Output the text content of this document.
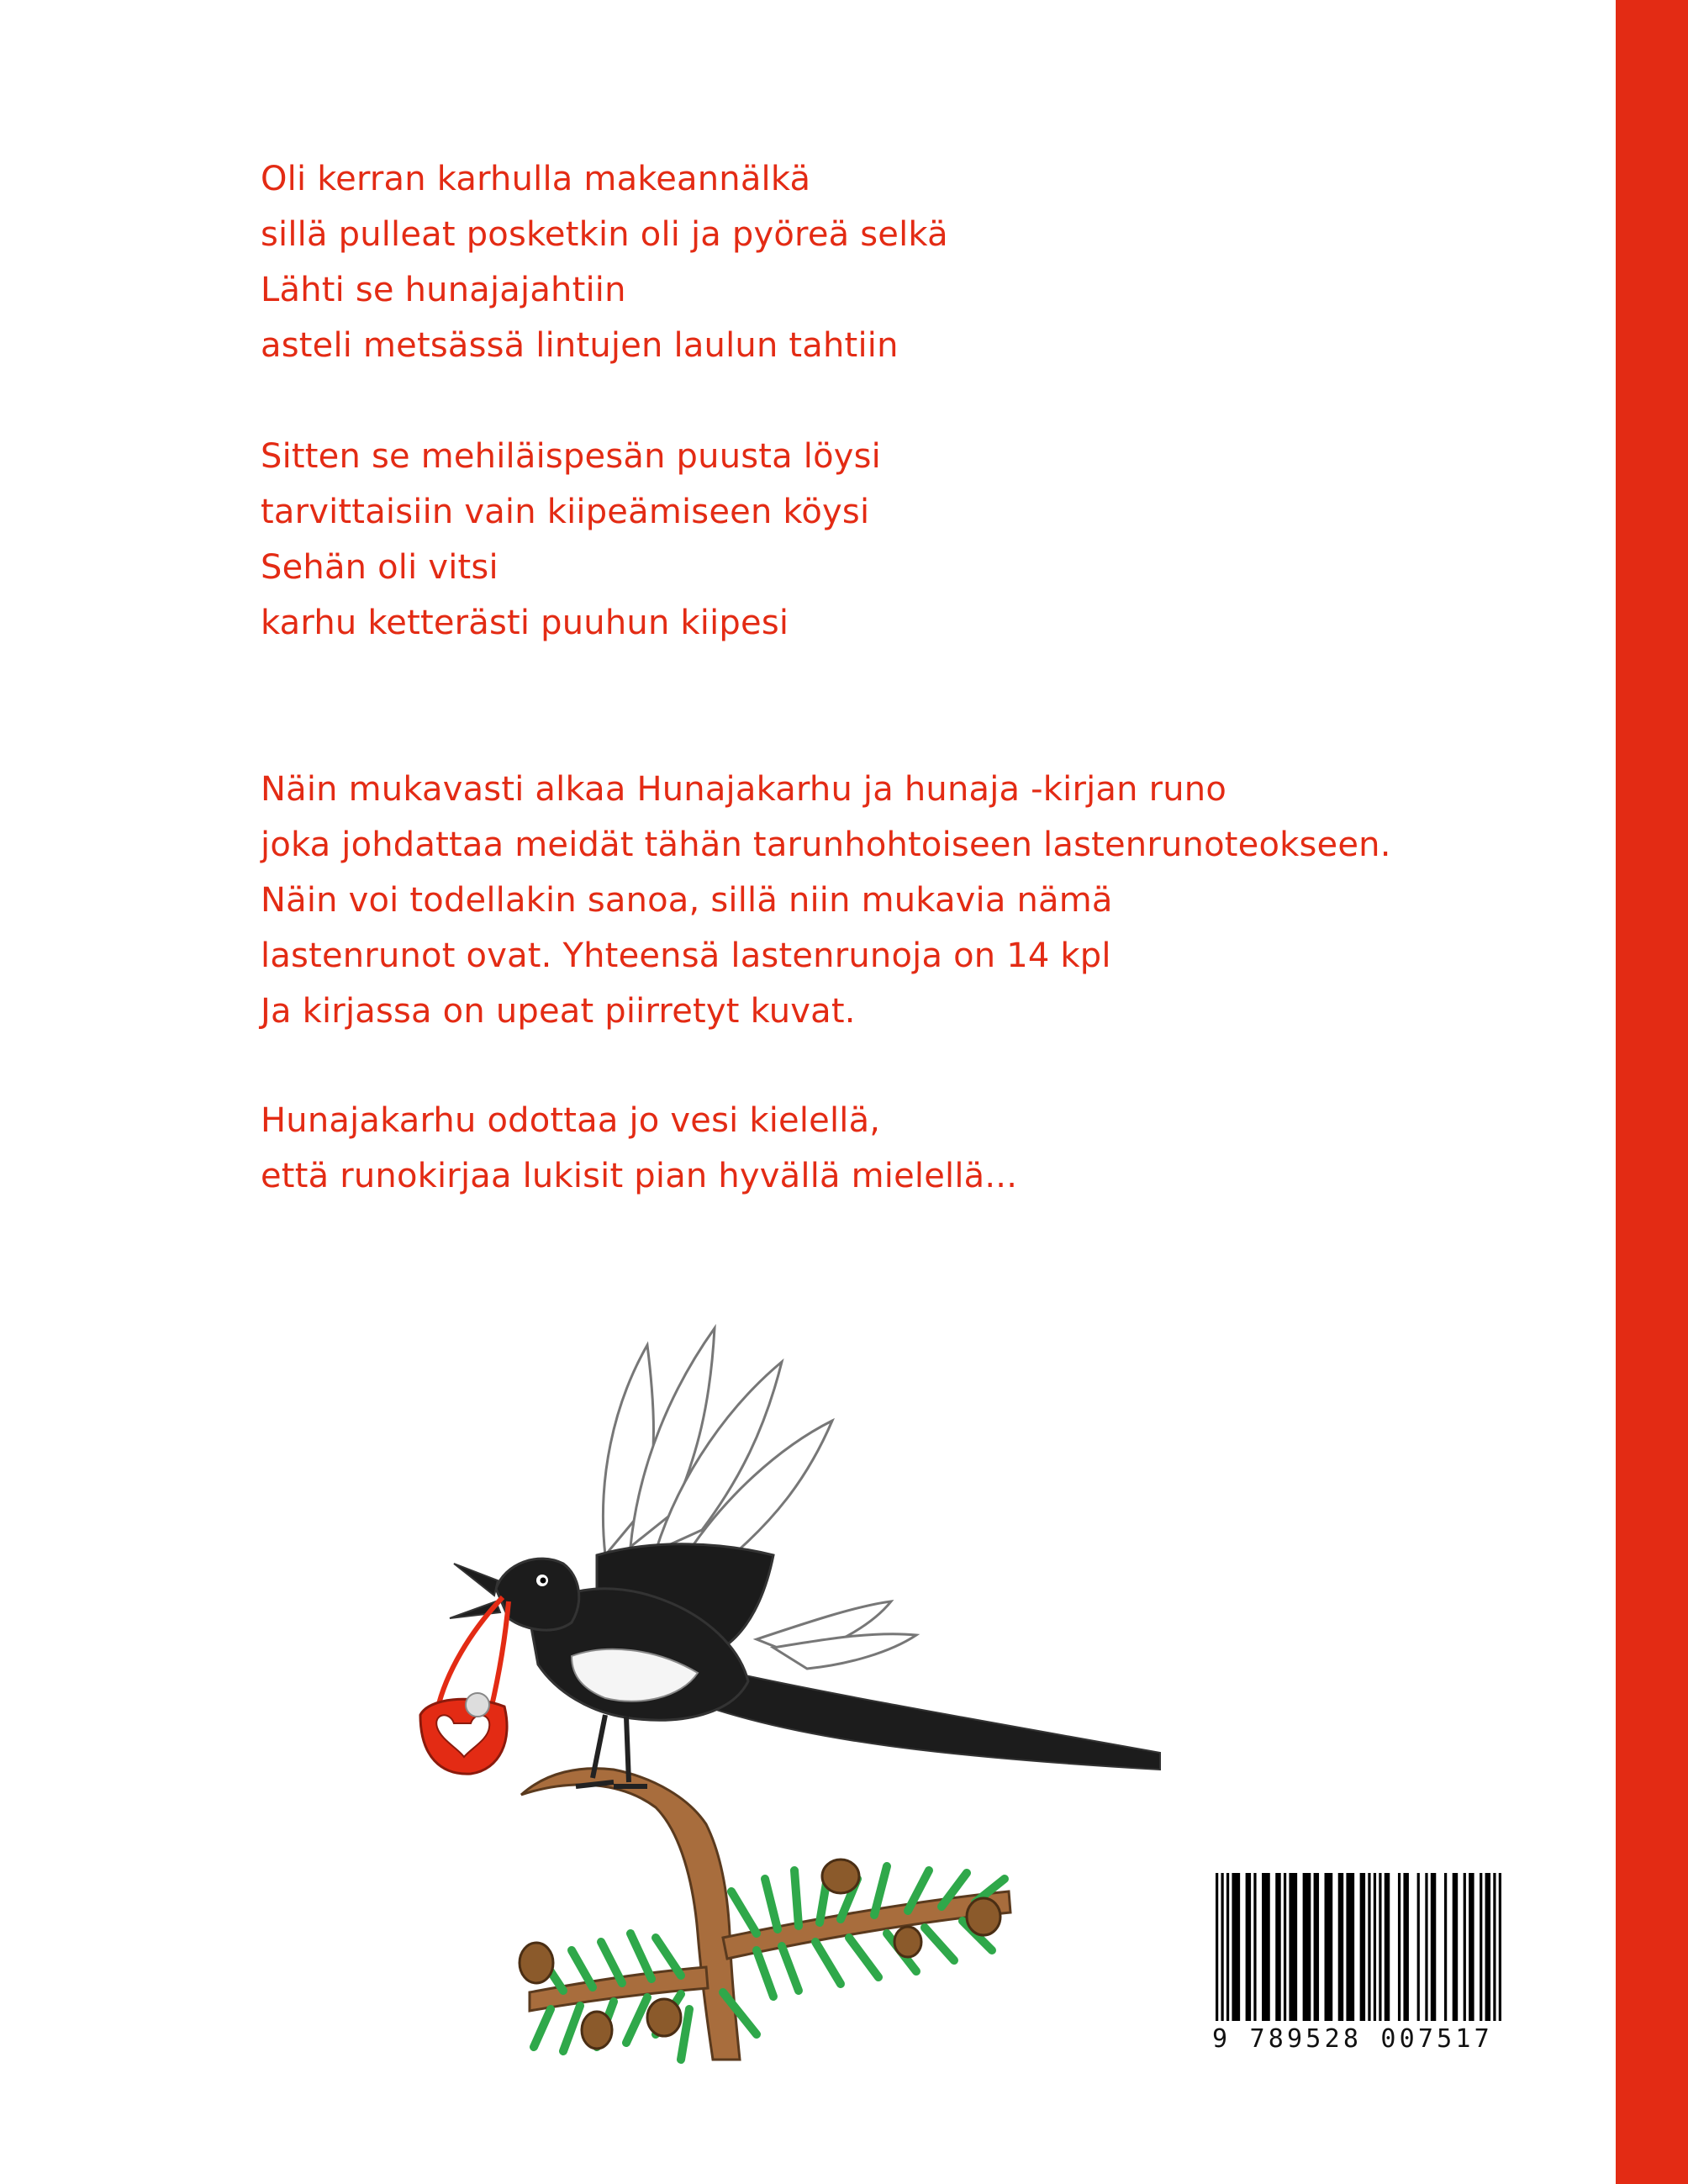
Oli kerran karhulla makeannälkä
sillä pulleat posketkin oli ja pyöreä selkä
Lähti se hunajajahtiin
asteli metsässä lintujen laulun tahtiin
Sitten se mehiläispesän puusta löysi
tarvittaisiin vain kiipeämiseen köysi
Sehän oli vitsi
karhu ketterästi puuhun kiipesi
Näin mukavasti alkaa Hunajakarhu ja hunaja -kirjan runo
joka johdattaa meidät tähän tarunhohtoiseen lastenrunoteokseen.
Näin voi todellakin sanoa, sillä niin mukavia nämä
lastenrunot ovat. Yhteensä lastenrunoja on 14 kpl
Ja kirjassa on upeat piirretyt kuvat.
Hunajakarhu odottaa jo vesi kielellä,
että runokirjaa lukisit pian hyvällä mielellä...
9 789528 007517
